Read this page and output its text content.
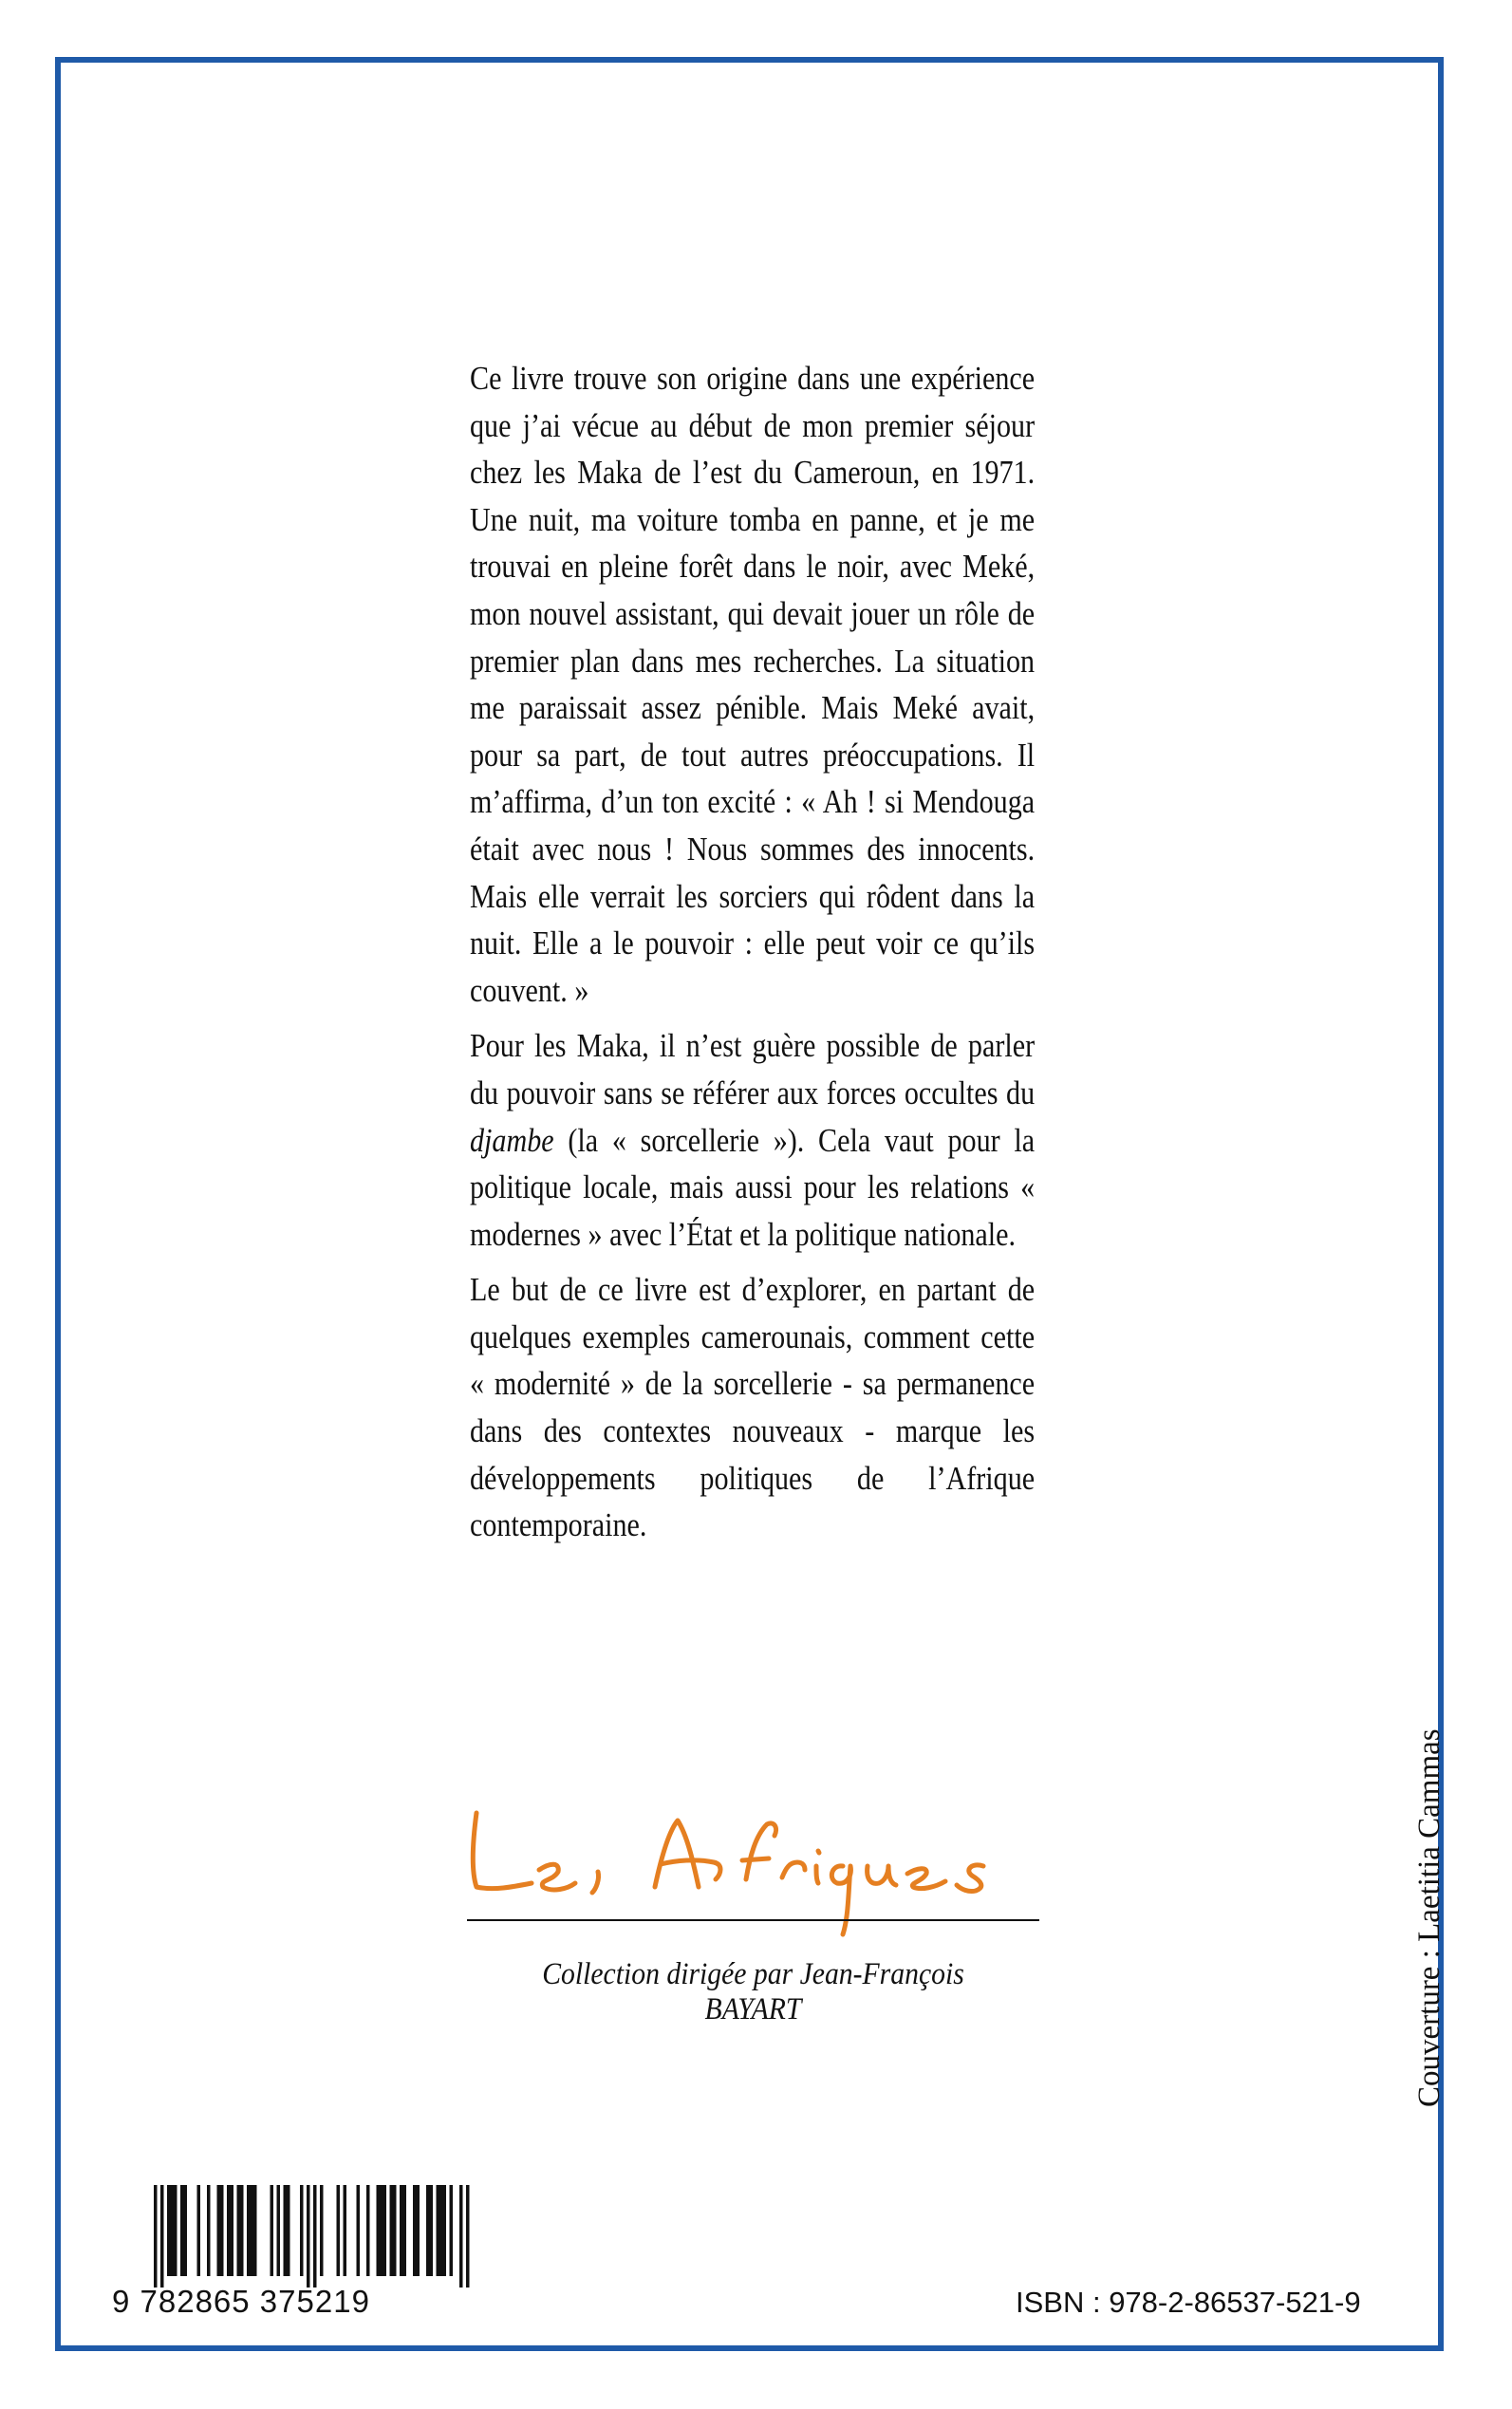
Ce livre trouve son origine dans une expérience que j’ai vécue au début de mon premier séjour chez les Maka de l’est du Cameroun, en 1971. Une nuit, ma voiture tomba en panne, et je me trouvai en pleine forêt dans le noir, avec Meké, mon nouvel assistant, qui devait jouer un rôle de premier plan dans mes recherches. La situation me paraissait assez pénible. Mais Meké avait, pour sa part, de tout autres préoccupations. Il m’affirma, d’un ton excité : « Ah ! si Mendouga était avec nous ! Nous sommes des innocents. Mais elle verrait les sorciers qui rôdent dans la nuit. Elle a le pouvoir : elle peut voir ce qu’ils couvent. »

Pour les Maka, il n’est guère possible de parler du pouvoir sans se référer aux forces occultes du djambe (la « sorcellerie »). Cela vaut pour la politique locale, mais aussi pour les relations « modernes » avec l’État et la politique nationale.

Le but de ce livre est d’explorer, en partant de quelques exemples camerounais, comment cette « modernité » de la sorcellerie - sa permanence dans des contextes nouveaux - marque les développements politiques de l’Afrique contemporaine.

Collection dirigée par Jean-François BAYART	Couverture : Laetitia Cammas
9 782865 375219	ISBN : 978-2-86537-521-9
